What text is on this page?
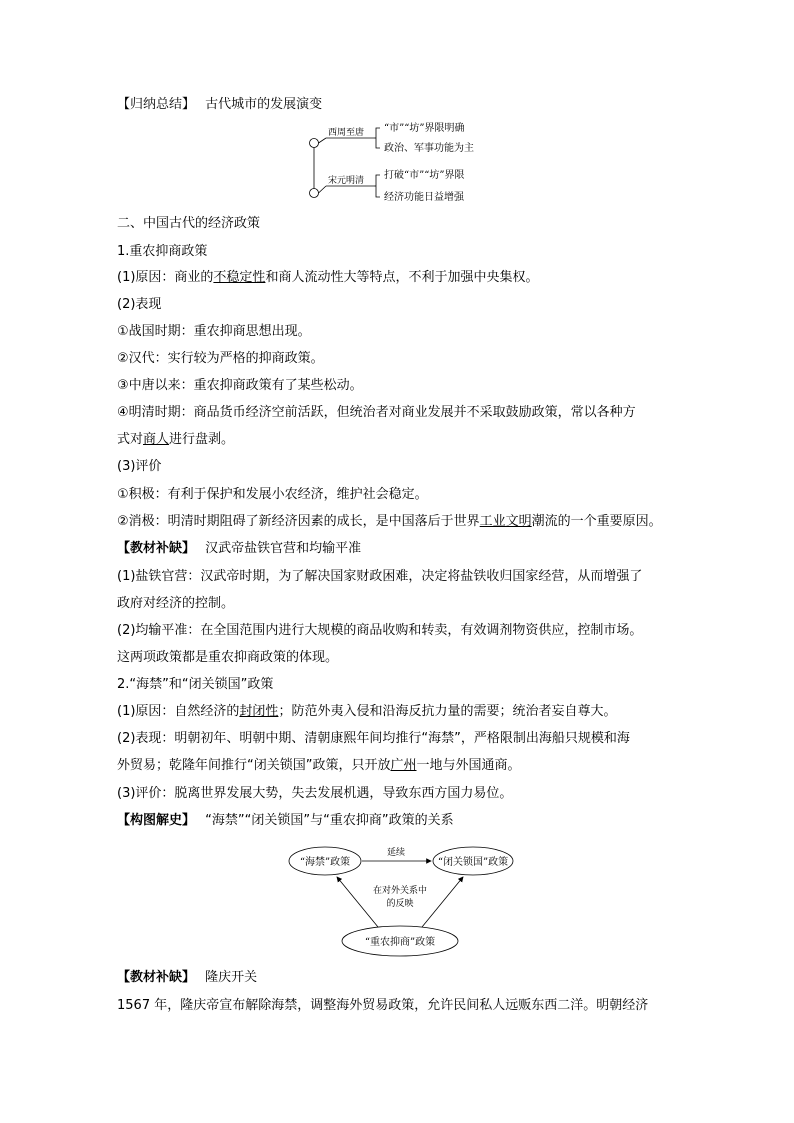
【归纳总结】 古代城市的发展演变
西周至唐
宋元明清
“市”“坊”界限明确
政治、军事功能为主
打破“市”“坊”界限
经济功能日益增强
二、中国古代的经济政策
1.重农抑商政策
(1)原因：商业的不稳定性和商人流动性大等特点，不利于加强中央集权。
(2)表现
①战国时期：重农抑商思想出现。
②汉代：实行较为严格的抑商政策。
③中唐以来：重农抑商政策有了某些松动。
④明清时期：商品货币经济空前活跃，但统治者对商业发展并不采取鼓励政策，常以各种方
式对商人进行盘剥。
(3)评价
①积极：有利于保护和发展小农经济，维护社会稳定。
②消极：明清时期阻碍了新经济因素的成长，是中国落后于世界工业文明潮流的一个重要原因。
【教材补缺】 汉武帝盐铁官营和均输平准
(1)盐铁官营：汉武帝时期，为了解决国家财政困难，决定将盐铁收归国家经营，从而增强了
政府对经济的控制。
(2)均输平准：在全国范围内进行大规模的商品收购和转卖，有效调剂物资供应，控制市场。
这两项政策都是重农抑商政策的体现。
2.“海禁”和“闭关锁国”政策
(1)原因：自然经济的封闭性；防范外夷入侵和沿海反抗力量的需要；统治者妄自尊大。
(2)表现：明朝初年、明朝中期、清朝康熙年间均推行“海禁”，严格限制出海船只规模和海
外贸易；乾隆年间推行“闭关锁国”政策，只开放广州一地与外国通商。
(3)评价：脱离世界发展大势，失去发展机遇，导致东西方国力易位。
【构图解史】 “海禁”“闭关锁国”与“重农抑商”政策的关系
“海禁”政策	“闭关锁国”政策
“重农抑商”政策
延续
在对外关系中
的反映
【教材补缺】 隆庆开关
1567 年，隆庆帝宣布解除海禁，调整海外贸易政策，允许民间私人远贩东西二洋。明朝经济
